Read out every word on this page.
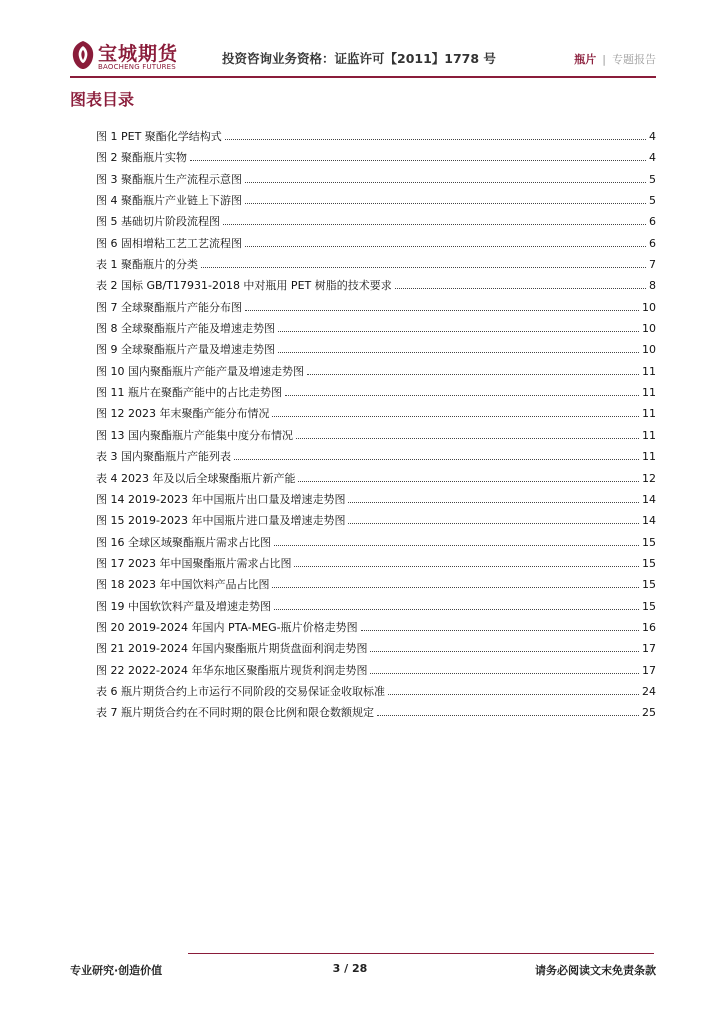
宝城期货
BAOCHENG FUTURES
投资咨询业务资格：证监许可【2011】1778 号	瓶片 | 专题报告
图表目录
图 1 PET 聚酯化学结构式	4
图 2 聚酯瓶片实物	4
图 3 聚酯瓶片生产流程示意图	5
图 4 聚酯瓶片产业链上下游图	5
图 5 基础切片阶段流程图	6
图 6 固相增粘工艺工艺流程图	6
表 1 聚酯瓶片的分类	7
表 2 国标 GB/T17931-2018 中对瓶用 PET 树脂的技术要求	8
图 7 全球聚酯瓶片产能分布图	10
图 8 全球聚酯瓶片产能及增速走势图	10
图 9 全球聚酯瓶片产量及增速走势图	10
图 10 国内聚酯瓶片产能产量及增速走势图	11
图 11 瓶片在聚酯产能中的占比走势图	11
图 12 2023 年末聚酯产能分布情况	11
图 13 国内聚酯瓶片产能集中度分布情况	11
表 3 国内聚酯瓶片产能列表	11
表 4 2023 年及以后全球聚酯瓶片新产能	12
图 14 2019-2023 年中国瓶片出口量及增速走势图	14
图 15 2019-2023 年中国瓶片进口量及增速走势图	14
图 16 全球区域聚酯瓶片需求占比图	15
图 17 2023 年中国聚酯瓶片需求占比图	15
图 18 2023 年中国饮料产品占比图	15
图 19 中国软饮料产量及增速走势图	15
图 20 2019-2024 年国内 PTA-MEG-瓶片价格走势图	16
图 21 2019-2024 年国内聚酯瓶片期货盘面利润走势图	17
图 22 2022-2024 年华东地区聚酯瓶片现货利润走势图	17
表 6 瓶片期货合约上市运行不同阶段的交易保证金收取标准	24
表 7 瓶片期货合约在不同时期的限仓比例和限仓数额规定	25
专业研究·创造价值	3 / 28	请务必阅读文末免责条款
